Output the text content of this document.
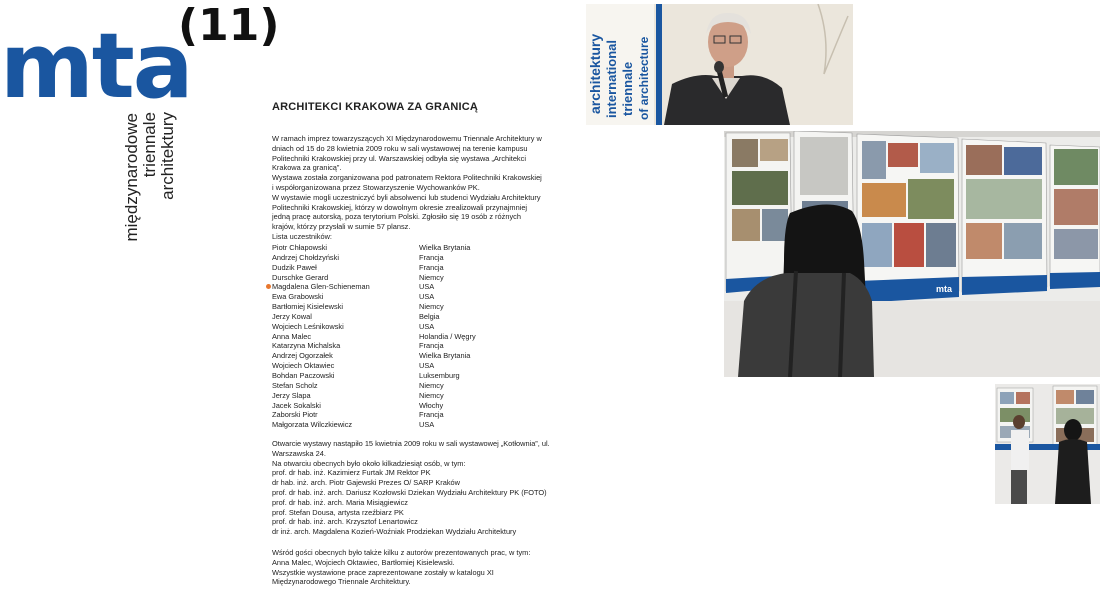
mta
(11)
międzynarodowe triennale architektury
ARCHITEKCI KRAKOWA ZA GRANICĄ

W ramach imprez towarzyszących XI Międzynarodowemu Triennale Architektury w dniach od 15 do 28 kwietnia 2009 roku w sali wystawowej na terenie kampusu Politechniki Krakowskiej przy ul. Warszawskiej odbyła się wystawa „Architekci Krakowa za granicą”.

Wystawa została zorganizowana pod patronatem Rektora Politechniki Krakowskiej i współorganizowana przez Stowarzyszenie Wychowanków PK.

W wystawie mogli uczestniczyć byli absolwenci lub studenci Wydziału Architektury Politechniki Krakowskiej, którzy w dowolnym okresie zrealizowali przynajmniej jedną pracę autorską, poza terytorium Polski. Zgłosiło się 19 osób z różnych krajów, którzy przysłali w sumie 57 plansz.

Lista uczestników:

Piotr Chłapowski	Wielka Brytania
Andrzej Chołdzyński	Francja
Dudzik Paweł	Francja
Durschke Gerard	Niemcy
Magdalena Glen-Schieneman	USA
Ewa Grabowski	USA
Bartłomiej Kisielewski	Niemcy
Jerzy Kowal	Belgia
Wojciech Leśnikowski	USA
Anna Malec	Holandia / Węgry
Katarzyna Michalska	Francja
Andrzej Ogorzałek	Wielka Brytania
Wojciech Oktawiec	USA
Bohdan Paczowski	Luksemburg
Stefan Scholz	Niemcy
Jerzy Slapa	Niemcy
Jacek Sokalski	Włochy
Zaborski Piotr	Francja
Małgorzata Wilczkiewicz	USA

Otwarcie wystawy nastąpiło 15 kwietnia 2009 roku w sali wystawowej „Kotłownia”, ul. Warszawska 24.

Na otwarciu obecnych było około kilkadziesiąt osób, w tym:

prof. dr hab. inż. Kazimierz Furtak JM Rektor PK

dr hab. inż. arch. Piotr Gajewski Prezes O/ SARP Kraków

prof. dr hab. inż. arch. Dariusz Kozłowski Dziekan Wydziału Architektury PK (FOTO)

prof. dr hab. inż. arch. Maria Misiągiewicz

prof. Stefan Dousa, artysta rzeźbiarz PK

prof. dr hab. inż. arch. Krzysztof Lenartowicz

dr inż. arch. Magdalena Kozień-Woźniak Prodziekan Wydziału Architektury

Wśród gości obecnych było także kilku z autorów prezentowanych prac, w tym:

Anna Malec, Wojciech Oktawiec, Bartłomiej Kisielewski.

Wszystkie wystawione prace zaprezentowane zostały w katalogu XI Międzynarodowego Triennale Architektury.

architektury international triennale of architecture
mta
